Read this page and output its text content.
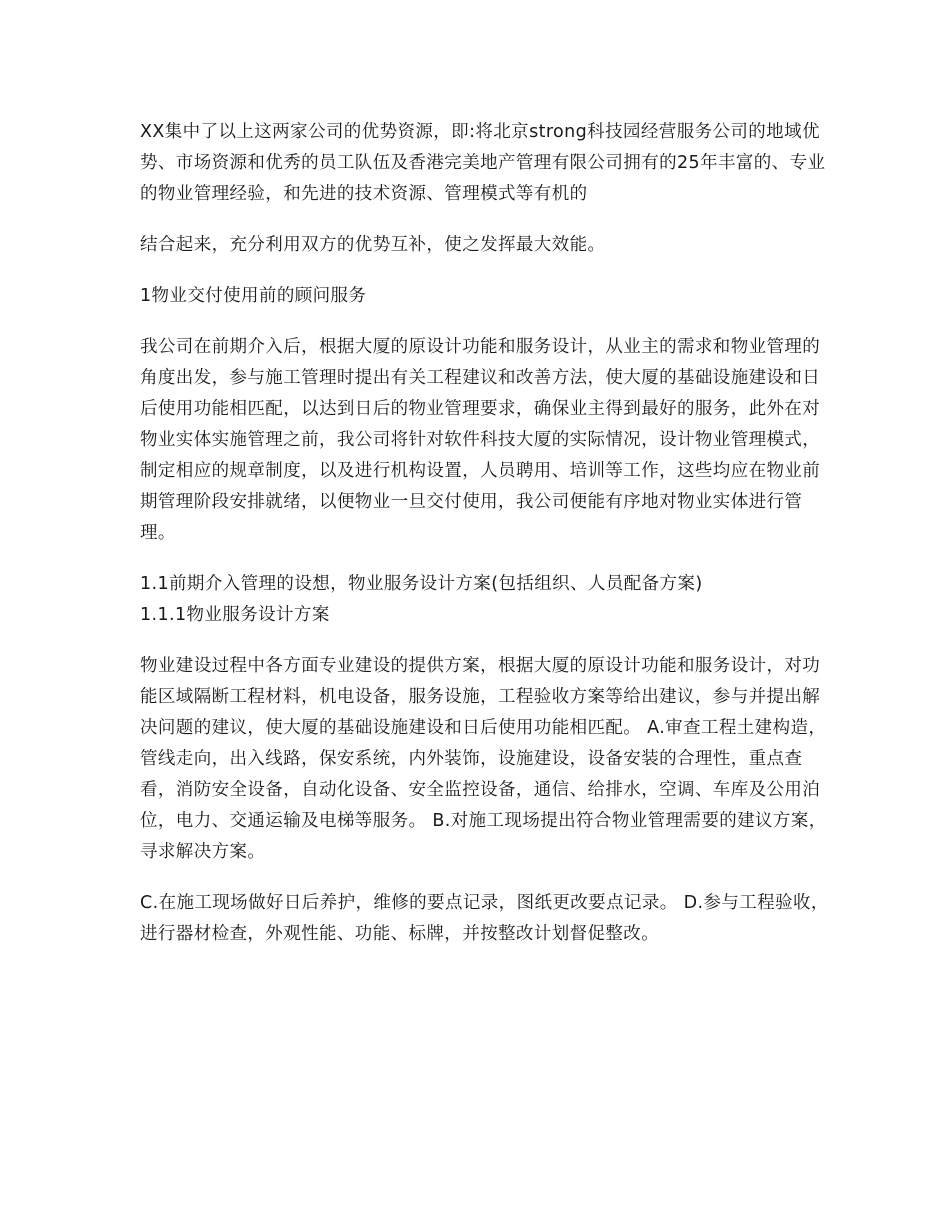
XX集中了以上这两家公司的优势资源，即:将北京strong科技园经营服务公司的地域优势、市场资源和优秀的员工队伍及香港完美地产管理有限公司拥有的25年丰富的、专业的物业管理经验，和先进的技术资源、管理模式等有机的

结合起来，充分利用双方的优势互补，使之发挥最大效能。

1物业交付使用前的顾问服务

我公司在前期介入后，根据大厦的原设计功能和服务设计，从业主的需求和物业管理的角度出发，参与施工管理时提出有关工程建议和改善方法，使大厦的基础设施建设和日后使用功能相匹配，以达到日后的物业管理要求，确保业主得到最好的服务，此外在对物业实体实施管理之前，我公司将针对软件科技大厦的实际情况，设计物业管理模式，制定相应的规章制度，以及进行机构设置，人员聘用、培训等工作，这些均应在物业前期管理阶段安排就绪，以便物业一旦交付使用，我公司便能有序地对物业实体进行管理。

1.1前期介入管理的设想，物业服务设计方案(包括组织、人员配备方案)

1.1.1物业服务设计方案

物业建设过程中各方面专业建设的提供方案，根据大厦的原设计功能和服务设计，对功能区域隔断工程材料，机电设备，服务设施，工程验收方案等给出建议，参与并提出解决问题的建议，使大厦的基础设施建设和日后使用功能相匹配。 A.审查工程土建构造，管线走向，出入线路，保安系统，内外装饰，设施建设，设备安装的合理性，重点查看，消防安全设备，自动化设备、安全监控设备，通信、给排水，空调、车库及公用泊位，电力、交通运输及电梯等服务。 B.对施工现场提出符合物业管理需要的建议方案，寻求解决方案。

C.在施工现场做好日后养护，维修的要点记录，图纸更改要点记录。 D.参与工程验收，进行器材检查，外观性能、功能、标牌，并按整改计划督促整改。
